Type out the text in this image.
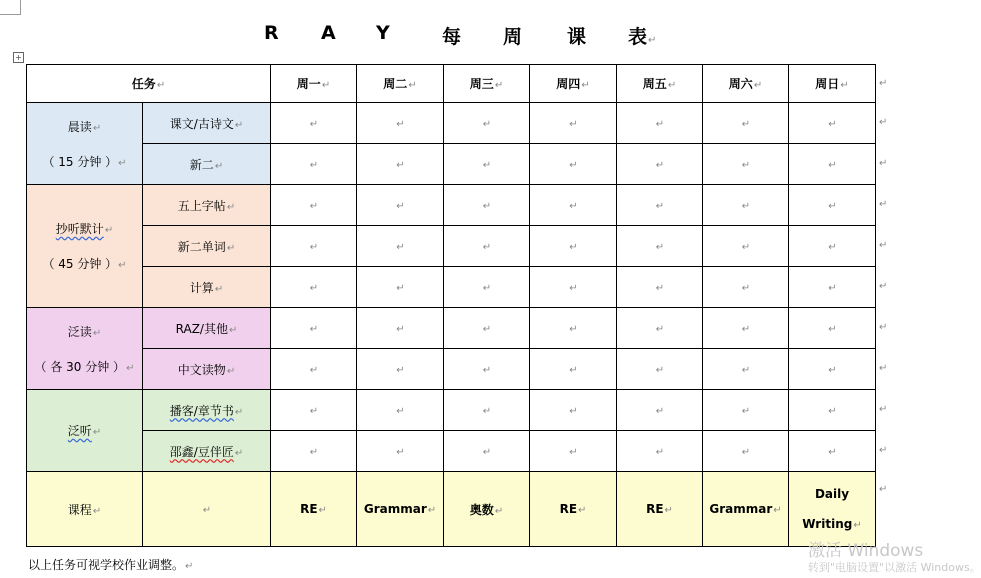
R A Y	每 周 课 表↵
+
任务↵		周一↵	周二↵	周三↵	周四↵	周五↵	周六↵	周日↵

晨读↵
（ 15 分钟 ）↵	课文/古诗文↵	↵	↵	↵	↵	↵	↵	↵
	新二↵	↵	↵	↵	↵	↵	↵	↵

抄听默计↵
（ 45 分钟 ）↵	五上字帖↵	↵	↵	↵	↵	↵	↵	↵
	新二单词↵	↵	↵	↵	↵	↵	↵	↵
	计算↵	↵	↵	↵	↵	↵	↵	↵

泛读↵
（ 各 30 分钟 ）↵	RAZ/其他↵	↵	↵	↵	↵	↵	↵	↵
	中文读物↵	↵	↵	↵	↵	↵	↵	↵

泛听↵	播客/章节书↵	↵	↵	↵	↵	↵	↵	↵
	邵鑫/豆伴匠↵	↵	↵	↵	↵	↵	↵	↵
课程↵	↵	RE↵	Grammar↵	奥数↵	RE↵	RE↵	Grammar↵	Daily
Writing↵
↵
↵
↵
↵
↵
↵
↵
↵
↵
↵
↵
以上任务可视学校作业调整。↵
激活 Windows
转到"电脑设置"以激活 Windows。
